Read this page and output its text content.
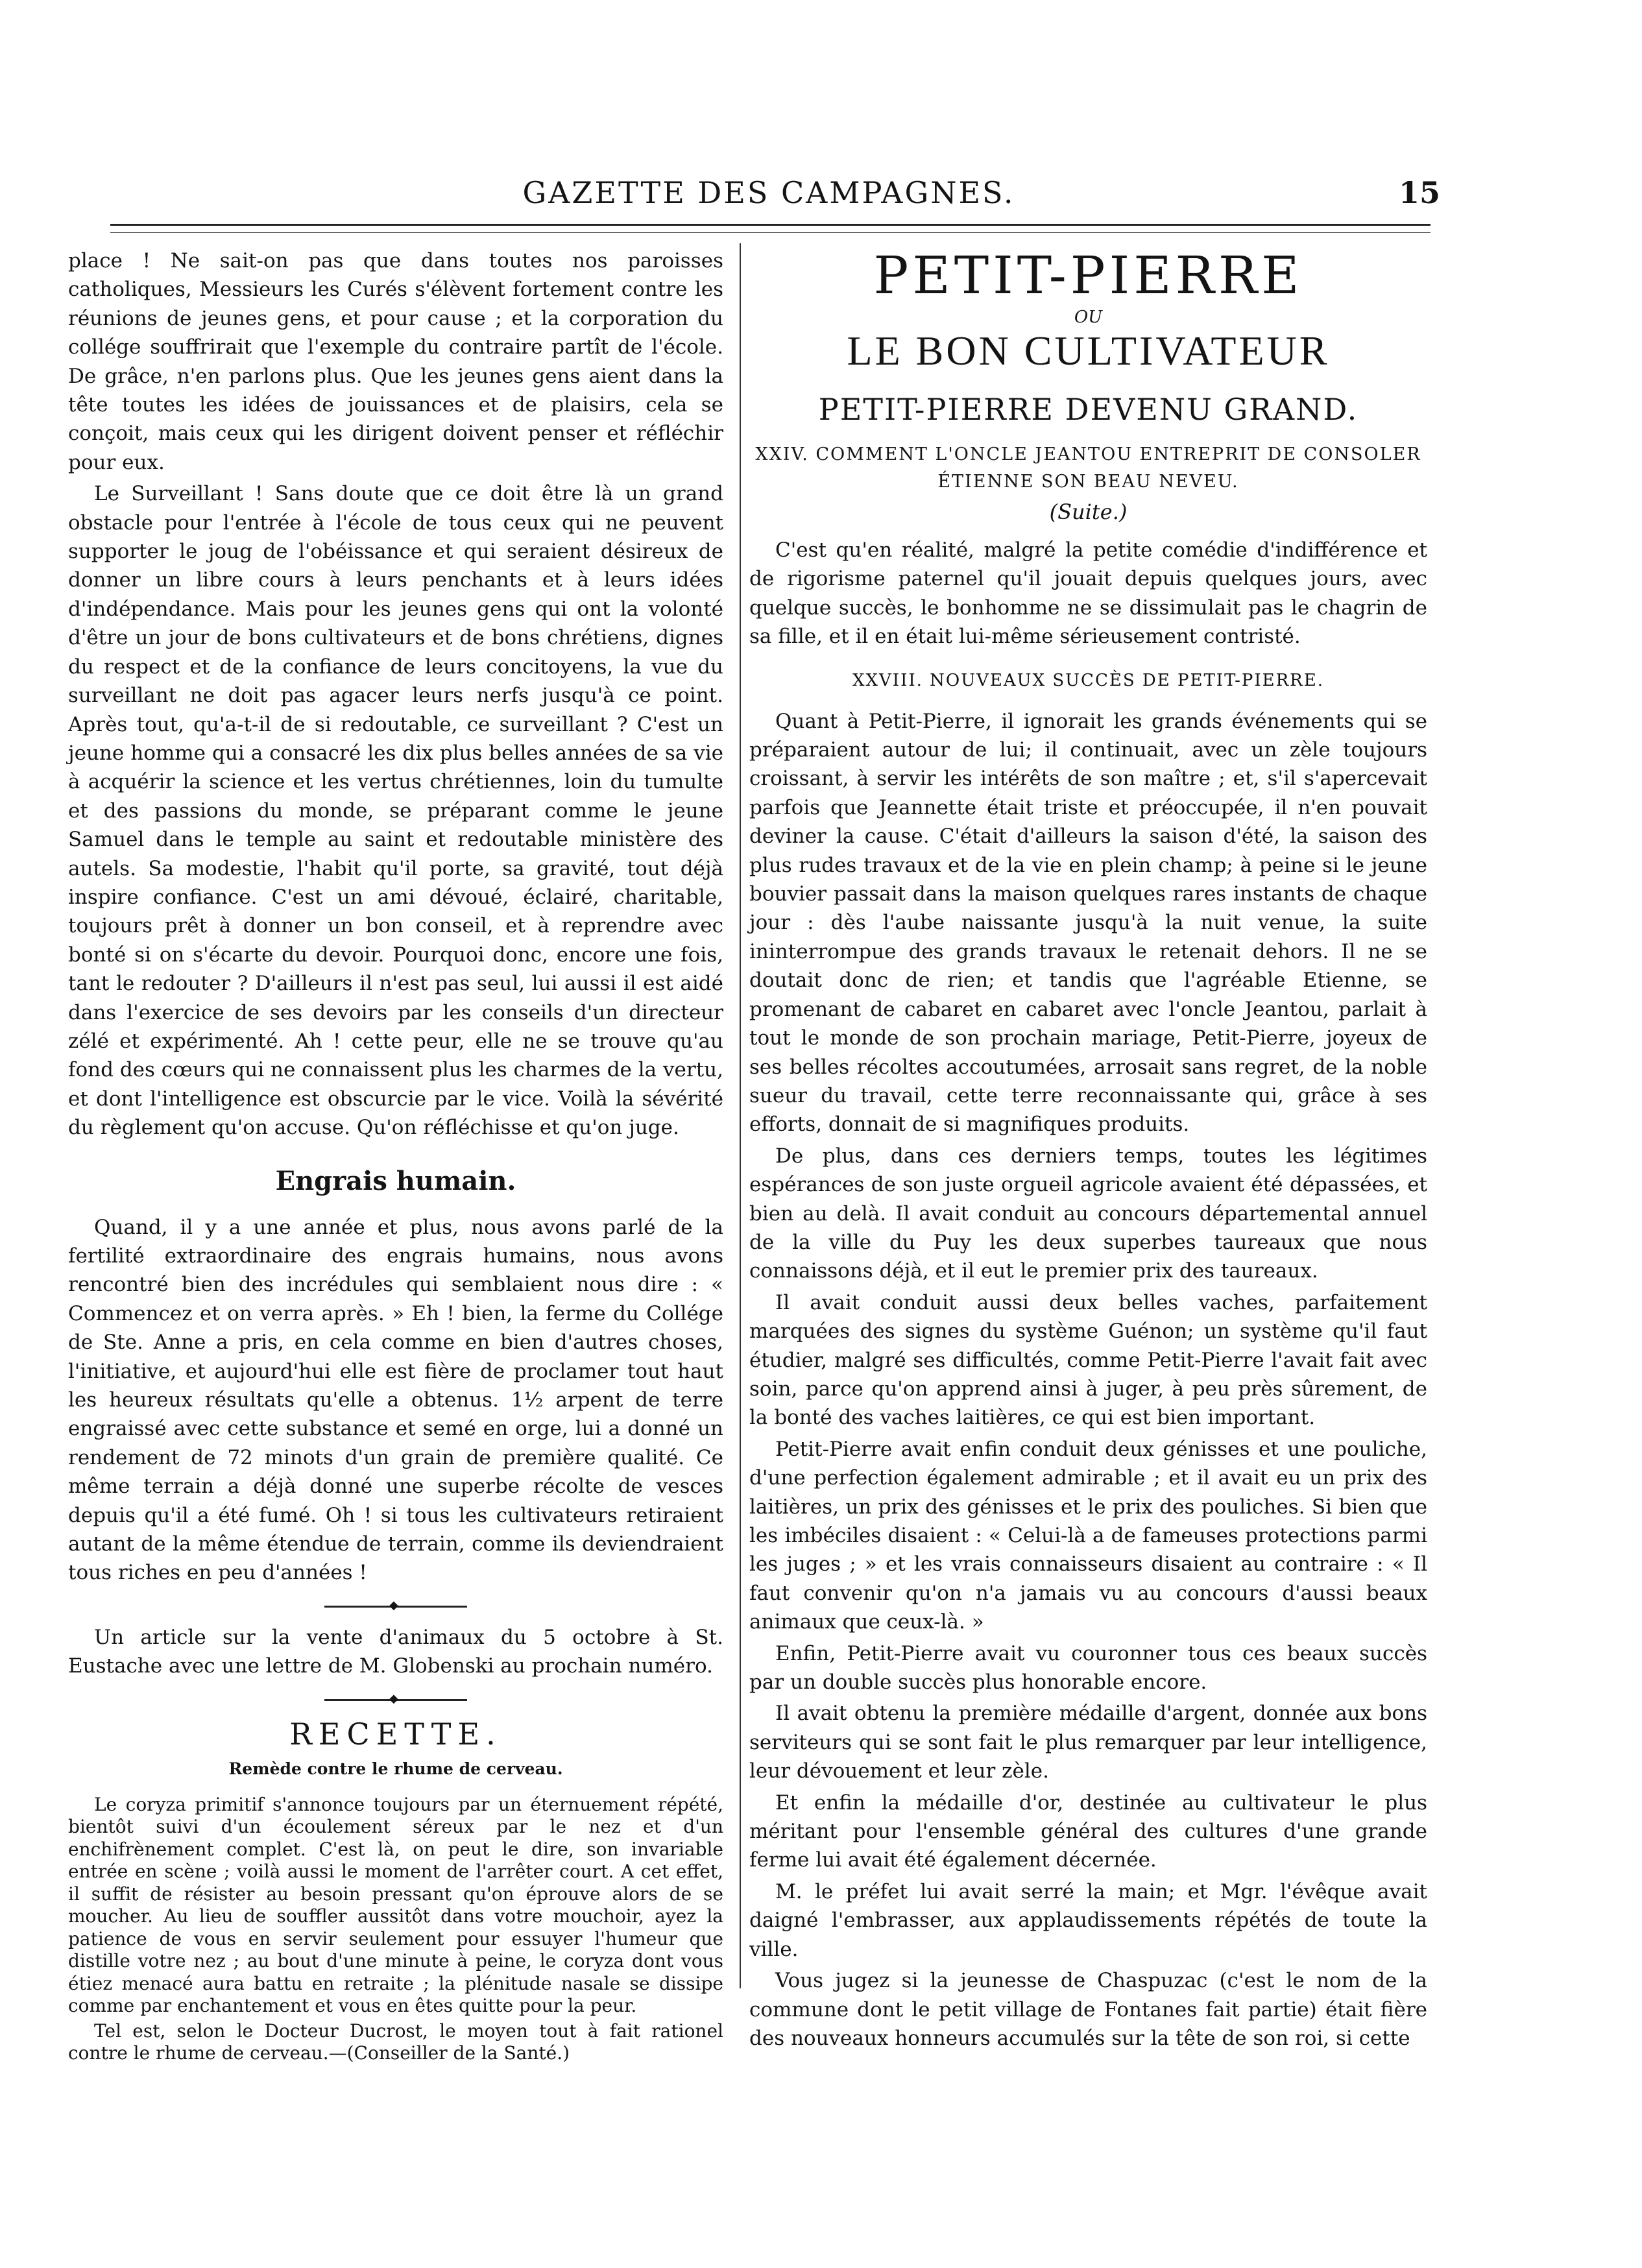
GAZETTE DES CAMPAGNES.	15

place ! Ne sait-on pas que dans toutes nos paroisses catholiques, Messieurs les Curés s'élèvent fortement contre les réunions de jeunes gens, et pour cause ; et la corporation du collége souffrirait que l'exemple du contraire partît de l'école. De grâce, n'en parlons plus. Que les jeunes gens aient dans la tête toutes les idées de jouissances et de plaisirs, cela se conçoit, mais ceux qui les dirigent doivent penser et réfléchir pour eux.

Le Surveillant ! Sans doute que ce doit être là un grand obstacle pour l'entrée à l'école de tous ceux qui ne peuvent supporter le joug de l'obéissance et qui seraient désireux de donner un libre cours à leurs penchants et à leurs idées d'indépendance. Mais pour les jeunes gens qui ont la volonté d'être un jour de bons cultivateurs et de bons chrétiens, dignes du respect et de la confiance de leurs concitoyens, la vue du surveillant ne doit pas agacer leurs nerfs jusqu'à ce point. Après tout, qu'a-t-il de si redoutable, ce surveillant ? C'est un jeune homme qui a consacré les dix plus belles années de sa vie à acquérir la science et les vertus chrétiennes, loin du tumulte et des passions du monde, se préparant comme le jeune Samuel dans le temple au saint et redoutable ministère des autels. Sa modestie, l'habit qu'il porte, sa gravité, tout déjà inspire confiance. C'est un ami dévoué, éclairé, charitable, toujours prêt à donner un bon conseil, et à reprendre avec bonté si on s'écarte du devoir. Pourquoi donc, encore une fois, tant le redouter ? D'ailleurs il n'est pas seul, lui aussi il est aidé dans l'exercice de ses devoirs par les conseils d'un directeur zélé et expérimenté. Ah ! cette peur, elle ne se trouve qu'au fond des cœurs qui ne connaissent plus les charmes de la vertu, et dont l'intelligence est obscurcie par le vice. Voilà la sévérité du règlement qu'on accuse. Qu'on réfléchisse et qu'on juge.

Engrais humain.

Quand, il y a une année et plus, nous avons parlé de la fertilité extraordinaire des engrais humains, nous avons rencontré bien des incrédules qui semblaient nous dire : « Commencez et on verra après. » Eh ! bien, la ferme du Collége de Ste. Anne a pris, en cela comme en bien d'autres choses, l'initiative, et aujourd'hui elle est fière de proclamer tout haut les heureux résultats qu'elle a obtenus. 1½ arpent de terre engraissé avec cette substance et semé en orge, lui a donné un rendement de 72 minots d'un grain de première qualité. Ce même terrain a déjà donné une superbe récolte de vesces depuis qu'il a été fumé. Oh ! si tous les cultivateurs retiraient autant de la même étendue de terrain, comme ils deviendraient tous riches en peu d'années !

◆

Un article sur la vente d'animaux du 5 octobre à St. Eustache avec une lettre de M. Globenski au prochain numéro.

◆
RECETTE.
Remède contre le rhume de cerveau.

Le coryza primitif s'annonce toujours par un éternuement répété, bientôt suivi d'un écoulement séreux par le nez et d'un enchifrènement complet. C'est là, on peut le dire, son invariable entrée en scène ; voilà aussi le moment de l'arrêter court. A cet effet, il suffit de résister au besoin pressant qu'on éprouve alors de se moucher. Au lieu de souffler aussitôt dans votre mouchoir, ayez la patience de vous en servir seulement pour essuyer l'humeur que distille votre nez ; au bout d'une minute à peine, le coryza dont vous étiez menacé aura battu en retraite ; la plénitude nasale se dissipe comme par enchantement et vous en êtes quitte pour la peur.

Tel est, selon le Docteur Ducrost, le moyen tout à fait rationel contre le rhume de cerveau.—(Conseiller de la Santé.)

PETIT-PIERRE
OU
LE BON CULTIVATEUR
PETIT-PIERRE DEVENU GRAND.
XXIV. COMMENT L'ONCLE JEANTOU ENTREPRIT DE CONSOLER ÉTIENNE SON BEAU NEVEU.
(Suite.)

C'est qu'en réalité, malgré la petite comédie d'indifférence et de rigorisme paternel qu'il jouait depuis quelques jours, avec quelque succès, le bonhomme ne se dissimulait pas le chagrin de sa fille, et il en était lui-même sérieusement contristé.

XXVIII. NOUVEAUX SUCCÈS DE PETIT-PIERRE.

Quant à Petit-Pierre, il ignorait les grands événements qui se préparaient autour de lui; il continuait, avec un zèle toujours croissant, à servir les intérêts de son maître ; et, s'il s'apercevait parfois que Jeannette était triste et préoccupée, il n'en pouvait deviner la cause. C'était d'ailleurs la saison d'été, la saison des plus rudes travaux et de la vie en plein champ; à peine si le jeune bouvier passait dans la maison quelques rares instants de chaque jour : dès l'aube naissante jusqu'à la nuit venue, la suite ininterrompue des grands travaux le retenait dehors. Il ne se doutait donc de rien; et tandis que l'agréable Etienne, se promenant de cabaret en cabaret avec l'oncle Jeantou, parlait à tout le monde de son prochain mariage, Petit-Pierre, joyeux de ses belles récoltes accoutumées, arrosait sans regret, de la noble sueur du travail, cette terre reconnaissante qui, grâce à ses efforts, donnait de si magnifiques produits.

De plus, dans ces derniers temps, toutes les légitimes espérances de son juste orgueil agricole avaient été dépassées, et bien au delà. Il avait conduit au concours départemental annuel de la ville du Puy les deux superbes taureaux que nous connaissons déjà, et il eut le premier prix des taureaux.

Il avait conduit aussi deux belles vaches, parfaitement marquées des signes du système Guénon; un système qu'il faut étudier, malgré ses difficultés, comme Petit-Pierre l'avait fait avec soin, parce qu'on apprend ainsi à juger, à peu près sûrement, de la bonté des vaches laitières, ce qui est bien important.

Petit-Pierre avait enfin conduit deux génisses et une pouliche, d'une perfection également admirable ; et il avait eu un prix des laitières, un prix des génisses et le prix des pouliches. Si bien que les imbéciles disaient : « Celui-là a de fameuses protections parmi les juges ; » et les vrais connaisseurs disaient au contraire : « Il faut convenir qu'on n'a jamais vu au concours d'aussi beaux animaux que ceux-là. »

Enfin, Petit-Pierre avait vu couronner tous ces beaux succès par un double succès plus honorable encore.

Il avait obtenu la première médaille d'argent, donnée aux bons serviteurs qui se sont fait le plus remarquer par leur intelligence, leur dévouement et leur zèle.

Et enfin la médaille d'or, destinée au cultivateur le plus méritant pour l'ensemble général des cultures d'une grande ferme lui avait été également décernée.

M. le préfet lui avait serré la main; et Mgr. l'évêque avait daigné l'embrasser, aux applaudissements répétés de toute la ville.

Vous jugez si la jeunesse de Chaspuzac (c'est le nom de la commune dont le petit village de Fontanes fait partie) était fière des nouveaux honneurs accumulés sur la tête de son roi, si cette
